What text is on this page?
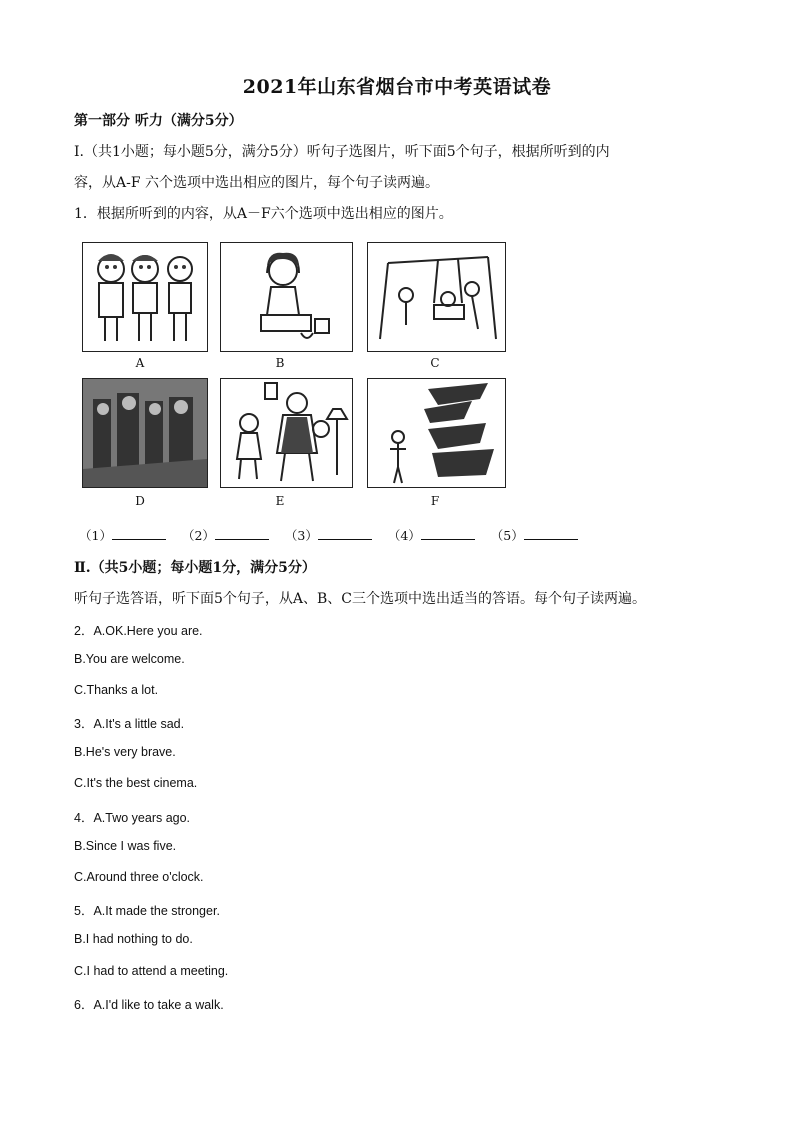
2021年山东省烟台市中考英语试卷
第一部分 听力（满分5分）
Ⅰ.（共1小题；每小题5分，满分5分）听句子选图片，听下面5个句子，根据所听到的内
容，从A-F 六个选项中选出相应的图片，每个句子读两遍。
1．根据所听到的内容，从A－F六个选项中选出相应的图片。
A	B	C
D	E	F
（1）	（2）	（3）	（4）	（5）
Ⅱ.（共5小题；每小题1分，满分5分）
听句子选答语，听下面5个句子，从A、B、C三个选项中选出适当的答语。每个句子读两遍。
2．A.OK.Here you are.
B.You are welcome.
C.Thanks a lot.
3．A.It's a little sad.
B.He's very brave.
C.It's the best cinema.
4．A.Two years ago.
B.Since I was five.
C.Around three o'clock.
5．A.It made the stronger.
B.I had nothing to do.
C.I had to attend a meeting.
6．A.I'd like to take a walk.
